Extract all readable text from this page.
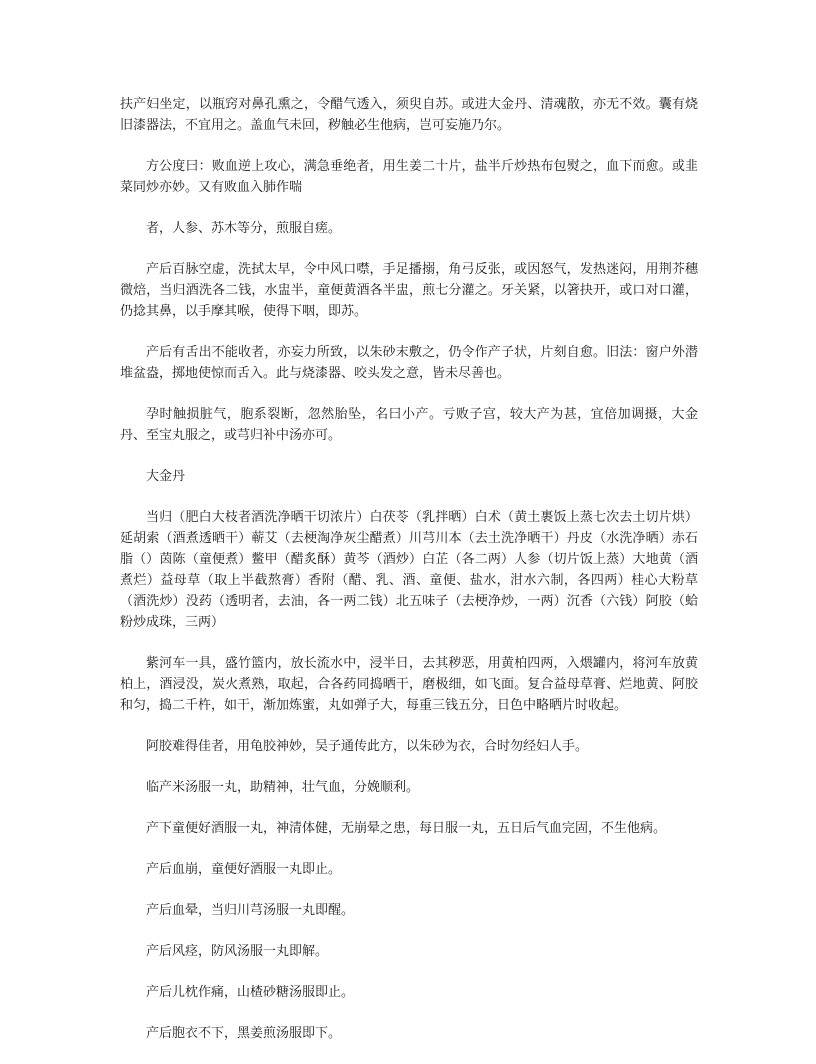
扶产妇坐定，以瓶窍对鼻孔熏之，令醋气透入，须臾自苏。或进大金丹、清魂散，亦无不效。囊有烧旧漆器法，不宜用之。盖血气未回，秽触必生他病，岂可妄施乃尔。

方公度曰：败血逆上攻心，满急垂绝者，用生姜二十片，盐半斤炒热布包熨之，血下而愈。或韭菜同炒亦妙。又有败血入肺作喘

者，人参、苏木等分，煎服自瘥。

产后百脉空虚，洗拭太早，令中风口噤，手足播搦，角弓反张，或因怒气，发热迷闷，用荆芥穗微焙，当归酒洗各二钱，水盅半，童便黄酒各半盅，煎七分灌之。牙关紧，以箸抉开，或口对口灌，仍捻其鼻，以手摩其喉，使得下咽，即苏。

产后有舌出不能收者，亦妄力所致，以朱砂末敷之，仍令作产子状，片刻自愈。旧法：窗户外潜堆盆盎，掷地使惊而舌入。此与烧漆器、咬头发之意，皆未尽善也。

孕时触损脏气，胞系裂断，忽然胎坠，名曰小产。亏败子宫，较大产为甚，宜倍加调摄，大金丹、至宝丸服之，或芎归补中汤亦可。

大金丹

当归（肥白大枝者酒洗净晒干切浓片）白茯苓（乳拌晒）白术（黄土裹饭上蒸七次去土切片烘）延胡索（酒煮透晒干）蕲艾（去梗淘净灰尘醋煮）川芎川本（去土洗净晒干）丹皮（水洗净晒）赤石脂（）茵陈（童便煮）鳖甲（醋炙酥）黄芩（酒炒）白芷（各二两）人参（切片饭上蒸）大地黄（酒煮烂）益母草（取上半截熬膏）香附（醋、乳、酒、童便、盐水，泔水六制，各四两）桂心大粉草（酒洗炒）没药（透明者，去油，各一两二钱）北五味子（去梗净炒，一两）沉香（六钱）阿胶（蛤粉炒成珠，三两）

紫河车一具，盛竹篮内，放长流水中，浸半日，去其秽恶，用黄柏四两，入煨罐内，将河车放黄柏上，酒浸没，炭火煮熟，取起，合各药同捣晒干，磨极细，如飞面。复合益母草膏、烂地黄、阿胶和匀，捣二千杵，如干，渐加炼蜜，丸如弹子大，每重三钱五分，日色中略晒片时收起。

阿胶难得佳者，用龟胶神妙，吴子通传此方，以朱砂为衣，合时勿经妇人手。

临产米汤服一丸，助精神，壮气血，分娩顺利。

产下童便好酒服一丸，神清体健，无崩晕之患，每日服一丸，五日后气血完固，不生他病。

产后血崩，童便好酒服一丸即止。

产后血晕，当归川芎汤服一丸即醒。

产后风痉，防风汤服一丸即解。

产后儿枕作痛，山楂砂糖汤服即止。

产后胞衣不下，黑姜煎汤服即下。
